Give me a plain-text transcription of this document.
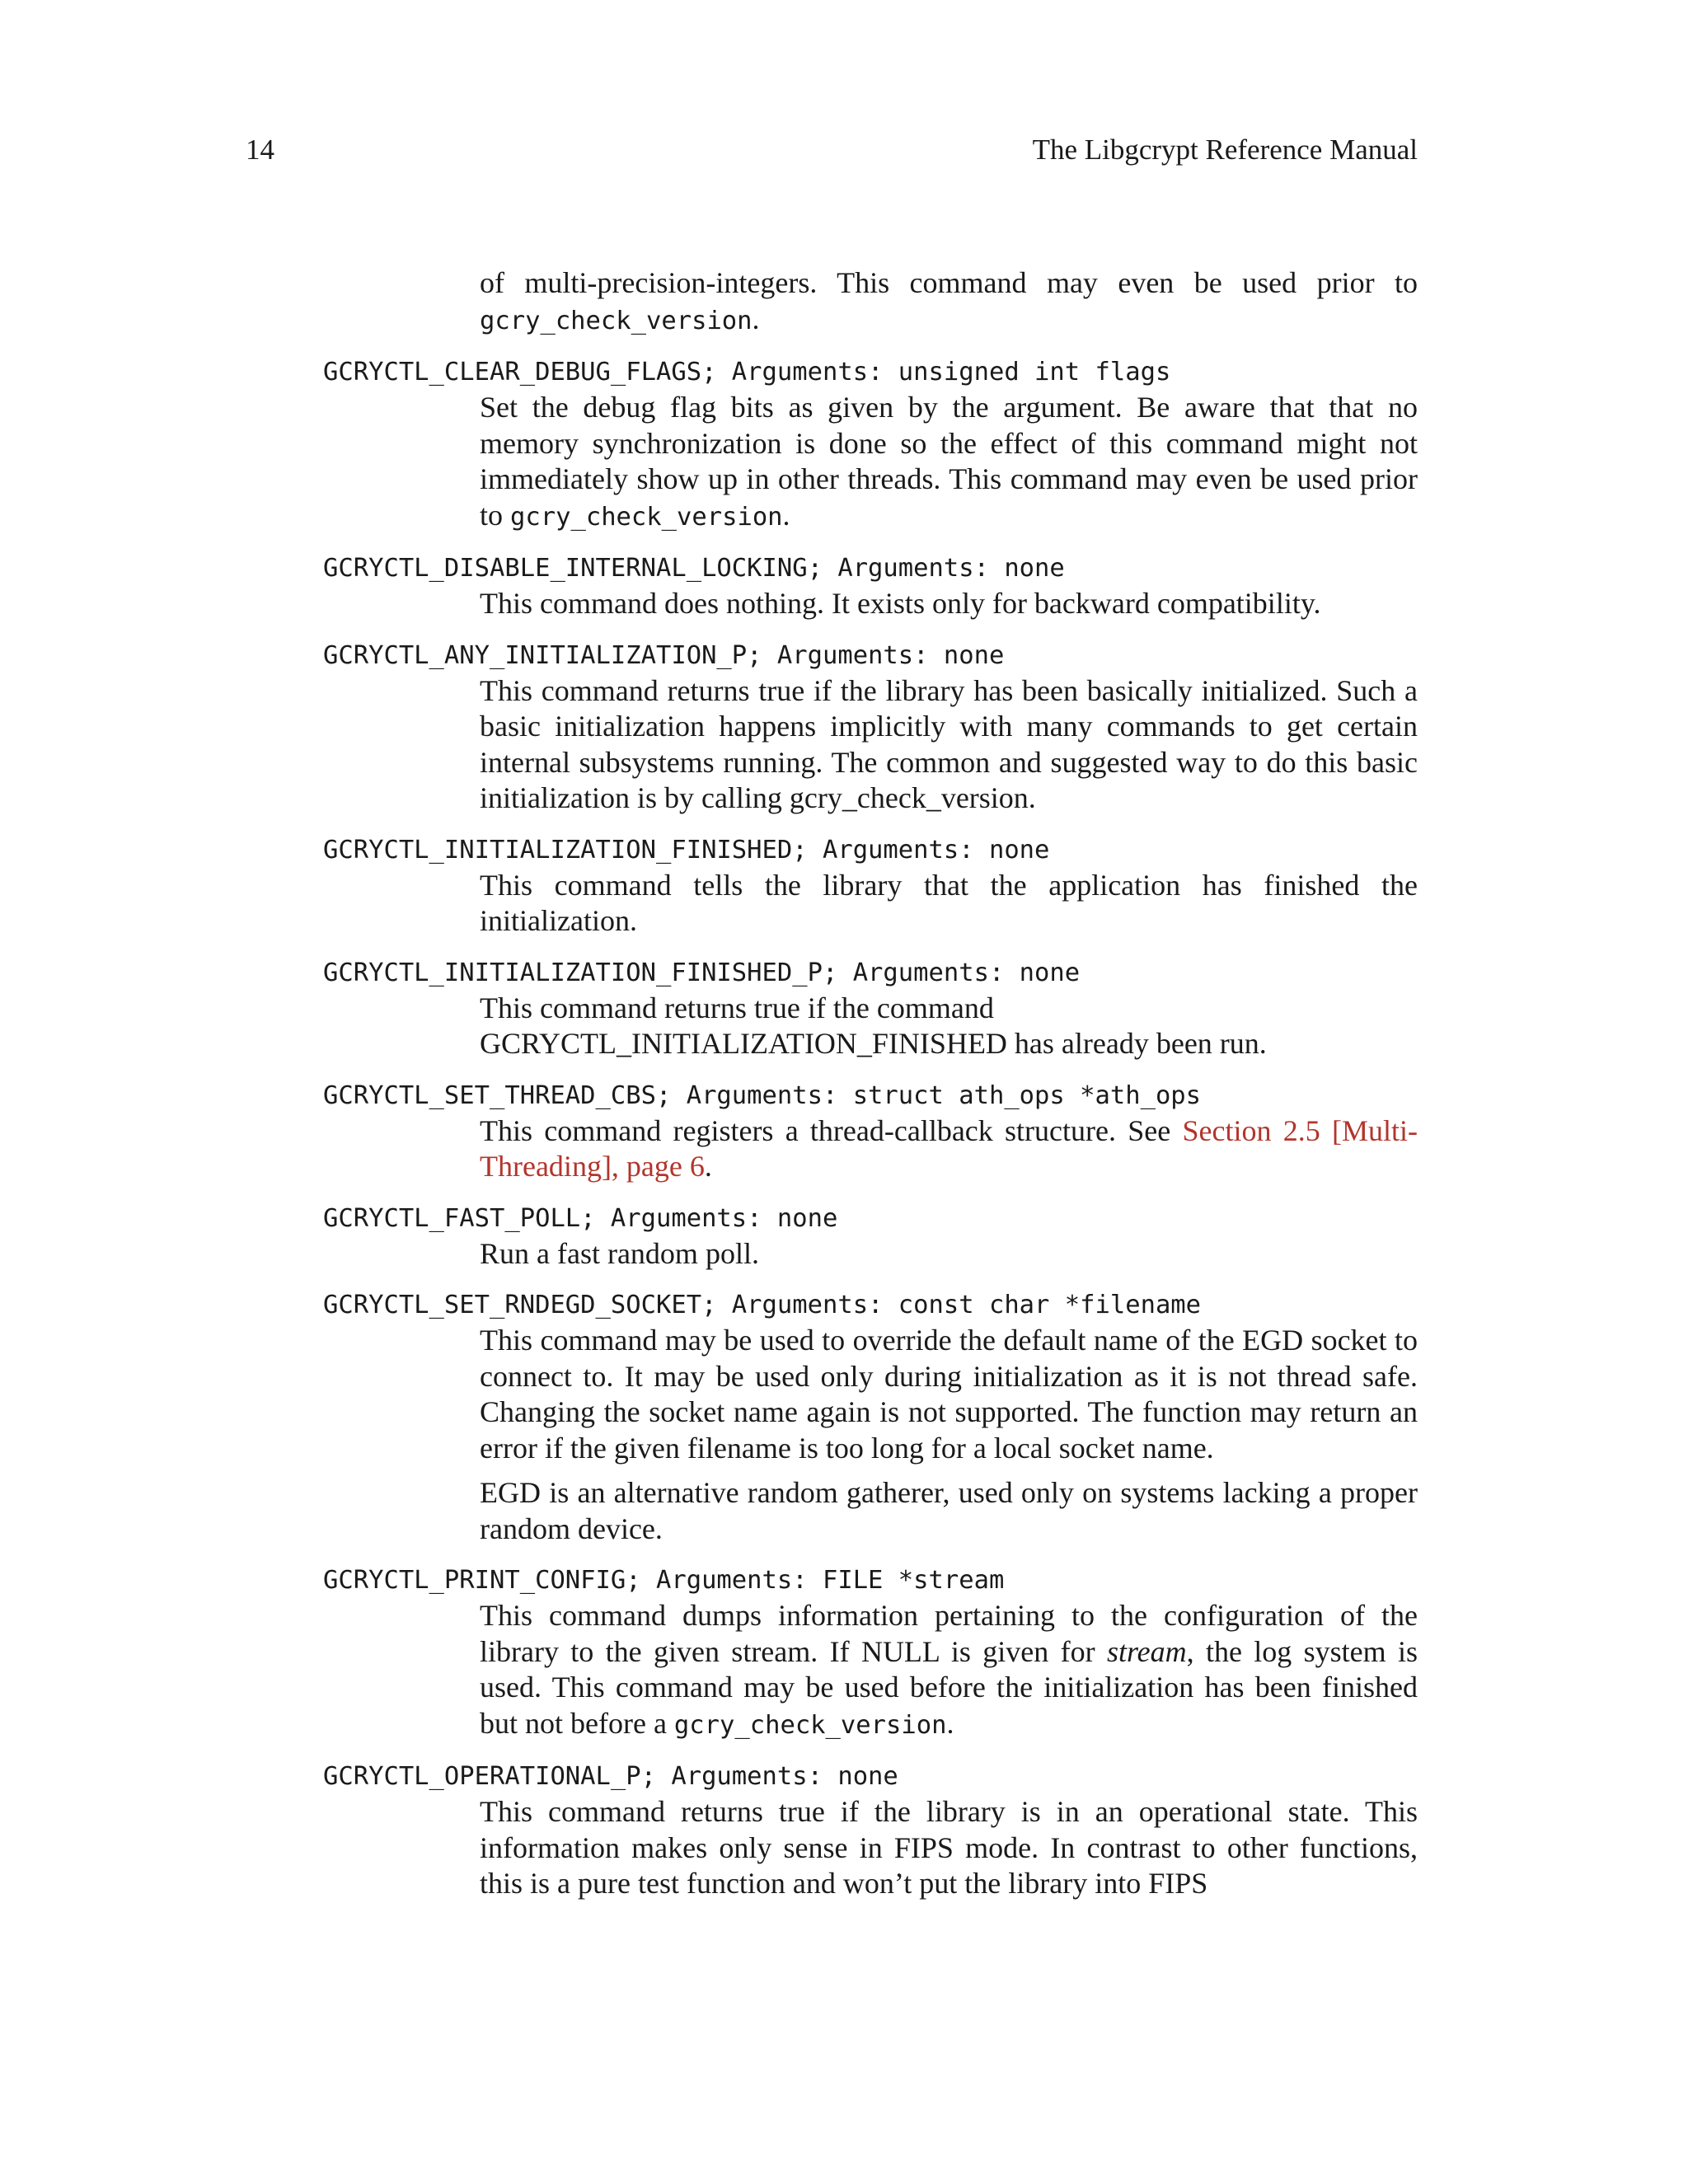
14	The Libgcrypt Reference Manual

of multi-precision-integers. This command may even be used prior to gcry_check_version.

GCRYCTL_CLEAR_DEBUG_FLAGS; Arguments: unsigned int flags

Set the debug flag bits as given by the argument. Be aware that that no memory synchronization is done so the effect of this command might not immediately show up in other threads. This command may even be used prior to gcry_check_version.

GCRYCTL_DISABLE_INTERNAL_LOCKING; Arguments: none

This command does nothing. It exists only for backward compatibility.

GCRYCTL_ANY_INITIALIZATION_P; Arguments: none

This command returns true if the library has been basically initialized. Such a basic initialization happens implicitly with many commands to get certain internal subsystems running. The common and suggested way to do this basic initialization is by calling gcry_check_version.

GCRYCTL_INITIALIZATION_FINISHED; Arguments: none

This command tells the library that the application has finished the initialization.

GCRYCTL_INITIALIZATION_FINISHED_P; Arguments: none

This command returns true if the command
GCRYCTL_INITIALIZATION_FINISHED has already been run.

GCRYCTL_SET_THREAD_CBS; Arguments: struct ath_ops *ath_ops

This command registers a thread-callback structure. See Section 2.5 [Multi-Threading], page 6.

GCRYCTL_FAST_POLL; Arguments: none

Run a fast random poll.

GCRYCTL_SET_RNDEGD_SOCKET; Arguments: const char *filename

This command may be used to override the default name of the EGD socket to connect to. It may be used only during initialization as it is not thread safe. Changing the socket name again is not supported. The function may return an error if the given filename is too long for a local socket name.

EGD is an alternative random gatherer, used only on systems lacking a proper random device.

GCRYCTL_PRINT_CONFIG; Arguments: FILE *stream

This command dumps information pertaining to the configuration of the library to the given stream. If NULL is given for stream, the log system is used. This command may be used before the initialization has been finished but not before a gcry_check_version.

GCRYCTL_OPERATIONAL_P; Arguments: none

This command returns true if the library is in an operational state. This information makes only sense in FIPS mode. In contrast to other functions, this is a pure test function and won’t put the library into FIPS
